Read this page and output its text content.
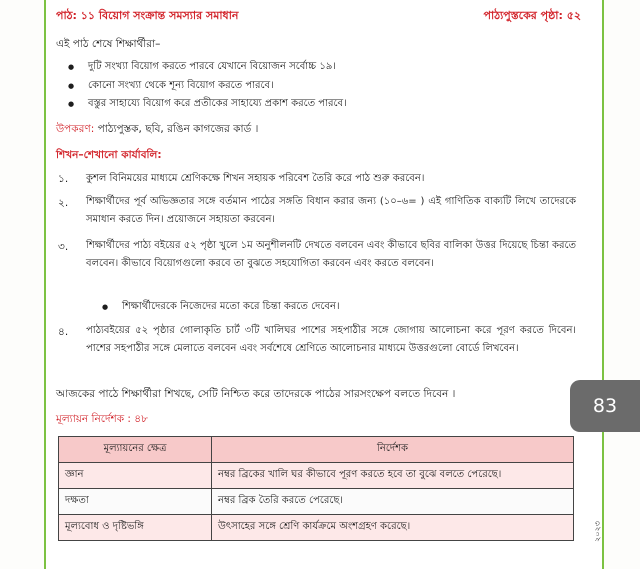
পাঠ: ১১ বিয়োগ সংক্রান্ত সমস্যার সমাধান	পাঠ্যপুস্তকের পৃষ্ঠা: ৫২
এই পাঠ শেষে শিক্ষার্থীরা–
● দুটি সংখ্যা বিয়োগ করতে পারবে যেখানে বিয়োজন সর্বোচ্চ ১৯।
● কোনো সংখ্যা থেকে শূন্য বিয়োগ করতে পারবে।
● বস্তুর সাহায্যে বিয়োগ করে প্রতীকের সাহায্যে প্রকাশ করতে পারবে।
উপকরণ: পাঠ্যপুস্তক, ছবি, রঙিন কাগজের কার্ড ।
শিখন–শেখানো কার্যাবলি:
১. কুশল বিনিময়ের মাধ্যমে শ্রেণিকক্ষে শিখন সহায়ক পরিবেশ তৈরি করে পাঠ শুরু করবেন।
২. শিক্ষার্থীদের পূর্ব অভিজ্ঞতার সঙ্গে বর্তমান পাঠের সঙ্গতি বিধান করার জন্য (১০–৬= ) এই গাণিতিক বাক্যটি লিখে তাদেরকে সমাধান করতে দিন। প্রয়োজনে সহায়তা করবেন।
৩. শিক্ষার্থীদের পাঠ্য বইয়ের ৫২ পৃষ্ঠা খুলে ১ম অনুশীলনটি দেখতে বলবেন এবং কীভাবে ছবির বালিকা উত্তর দিয়েছে চিন্তা করতে বলবেন। কীভাবে বিয়োগগুলো করবে তা বুঝতে সহযোগিতা করবেন এবং করতে বলবেন।
● শিক্ষার্থীদেরকে নিজেদের মতো করে চিন্তা করতে দেবেন।
৪. পাঠ্যবইয়ের ৫২ পৃষ্ঠার গোলাকৃতি চার্ট ৩টি খালিঘর পাশের সহপাঠীর সঙ্গে জোগায় আলোচনা করে পূরণ করতে দিবেন। পাশের সহপাঠীর সঙ্গে মেলাতে বলবেন এবং সর্বশেষে শ্রেণিতে আলোচনার মাধ্যমে উত্তরগুলো বোর্ডে লিখবেন।
আজকের পাঠে শিক্ষার্থীরা শিখছে, সেটি নিশ্চিত করে তাদেরকে পাঠের সারসংক্ষেপ বলতে দিবেন ।
মূল্যায়ন নির্দেশক : ৪৮
মূল্যায়নের ক্ষেত্র	নির্দেশক
জ্ঞান	নম্বর ব্রিকের খালি ঘর কীভাবে পূরণ করতে হবে তা বুঝে বলতে পেরেছে।
দক্ষতা	নম্বর ব্রিক তৈরি করতে পেরেছে।
মূল্যবোধ ও দৃষ্টিভঙ্গি	উৎসাহের সঙ্গে শ্রেণি কার্যক্রমে অংশগ্রহণ করেছে।
83
২০২৩
